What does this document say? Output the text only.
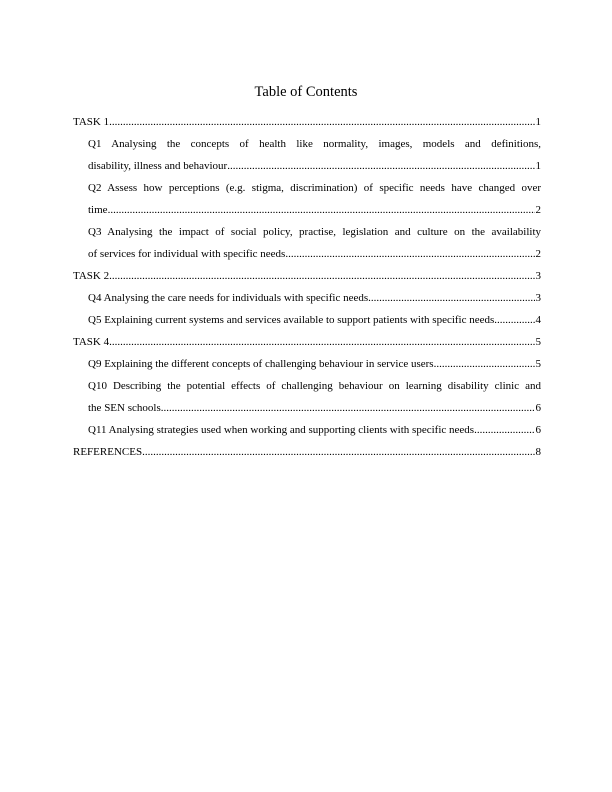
Table of Contents
TASK 1 .....	1
Q1 Analysing the concepts of health like normality, images, models and definitions,
disability, illness and behaviour .....	1
Q2 Assess how perceptions (e.g. stigma, discrimination) of specific needs have changed over
time .....	2
Q3 Analysing the impact of social policy, practise, legislation and culture on the availability
of services for individual with specific needs .....	2
TASK 2 .....	3
Q4 Analysing the care needs for individuals with specific needs .....	3
Q5 Explaining current systems and services available to support patients with specific needs. .....	4
TASK 4 .....	5
Q9 Explaining the different concepts of challenging behaviour in service users .....	5
Q10 Describing the potential effects of challenging behaviour on learning disability clinic and
the SEN schools .....	6
Q11 Analysing strategies used when working and supporting clients with specific needs .....	6
REFERENCES .....	8
